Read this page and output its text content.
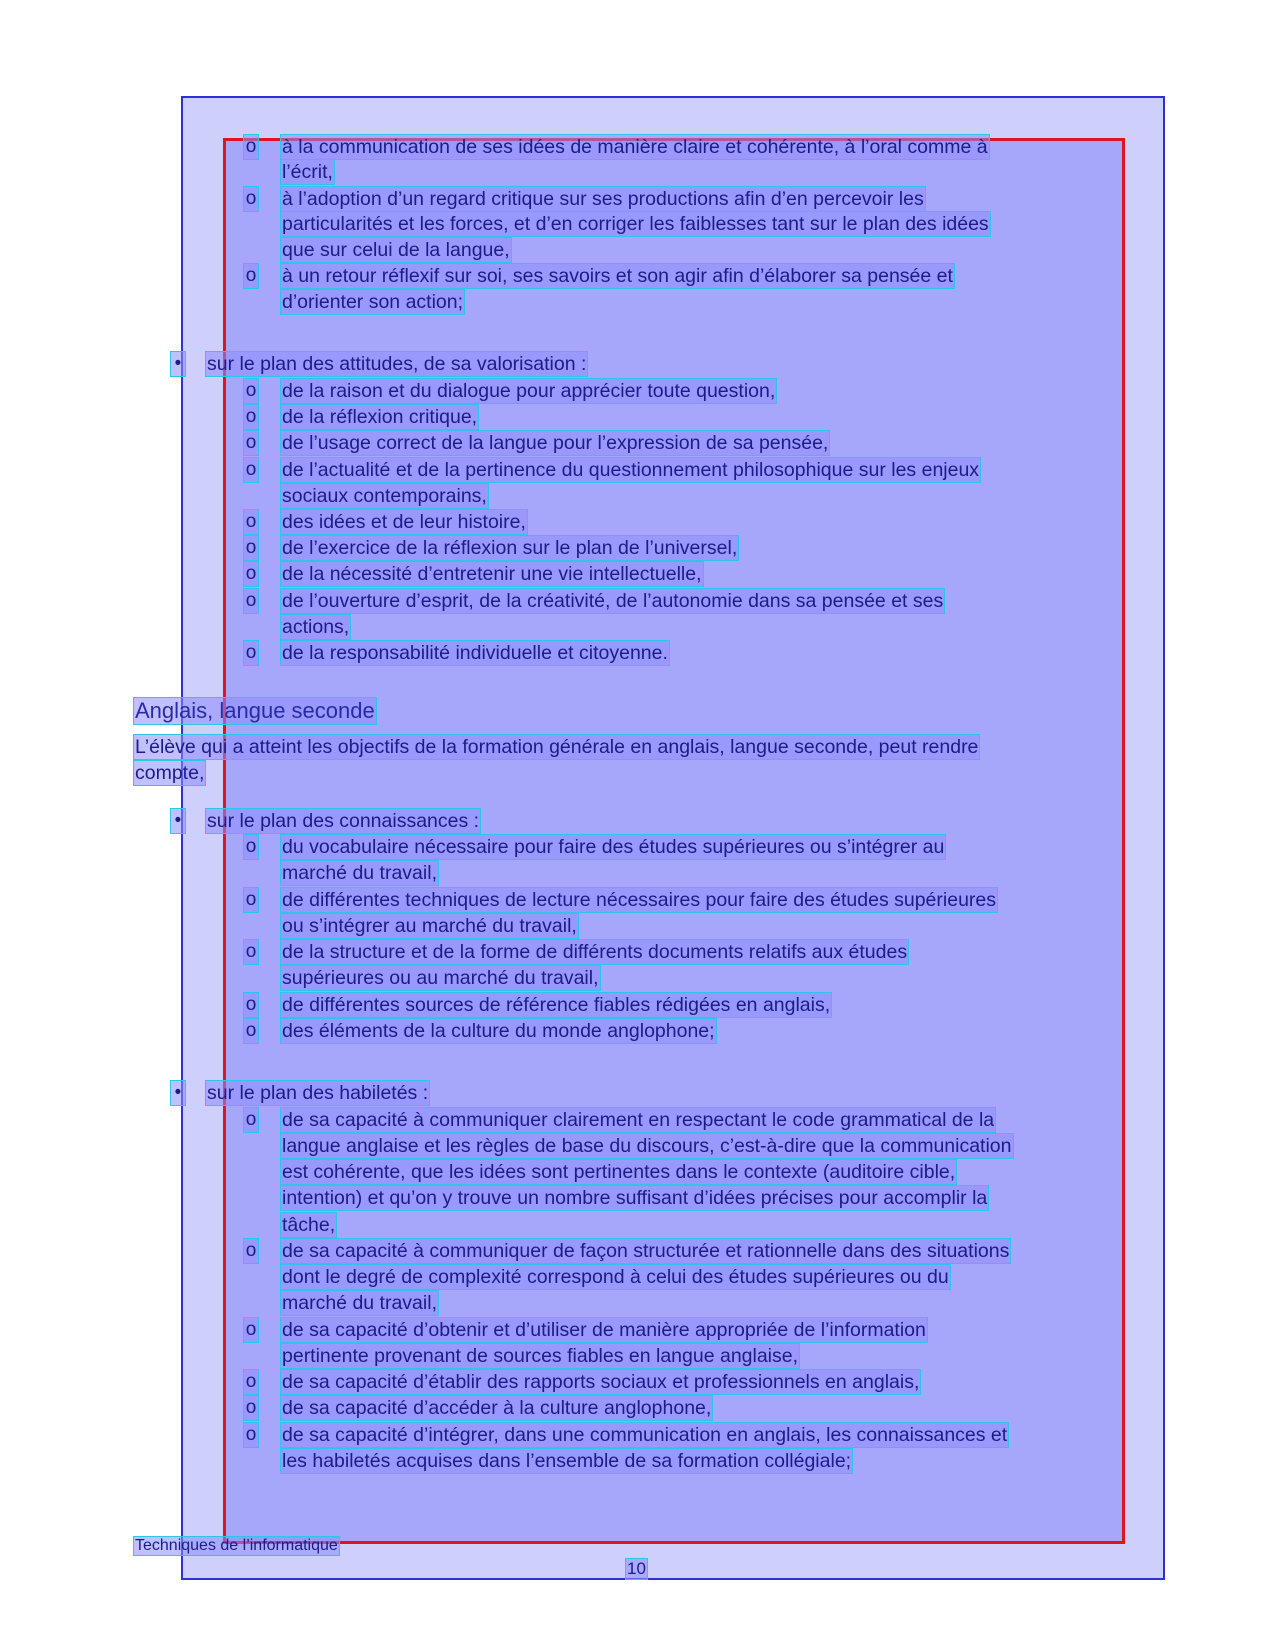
o à la communication de ses idées de manière claire et cohérente, à l’oral comme à
l’écrit,
o à l’adoption d’un regard critique sur ses productions afin d’en percevoir les
particularités et les forces, et d’en corriger les faiblesses tant sur le plan des idées
que sur celui de la langue,
o à un retour réflexif sur soi, ses savoirs et son agir afin d’élaborer sa pensée et
d’orienter son action;
• sur le plan des attitudes, de sa valorisation :
o de la raison et du dialogue pour apprécier toute question,
o de la réflexion critique,
o de l’usage correct de la langue pour l’expression de sa pensée,
o de l’actualité et de la pertinence du questionnement philosophique sur les enjeux
sociaux contemporains,
o des idées et de leur histoire,
o de l’exercice de la réflexion sur le plan de l’universel,
o de la nécessité d’entretenir une vie intellectuelle,
o de l’ouverture d’esprit, de la créativité, de l’autonomie dans sa pensée et ses
actions,
o de la responsabilité individuelle et citoyenne.
Anglais, langue seconde
L’élève qui a atteint les objectifs de la formation générale en anglais, langue seconde, peut rendre
compte,
• sur le plan des connaissances :
o du vocabulaire nécessaire pour faire des études supérieures ou s’intégrer au
marché du travail,
o de différentes techniques de lecture nécessaires pour faire des études supérieures
ou s’intégrer au marché du travail,
o de la structure et de la forme de différents documents relatifs aux études
supérieures ou au marché du travail,
o de différentes sources de référence fiables rédigées en anglais,
o des éléments de la culture du monde anglophone;
• sur le plan des habiletés :
o de sa capacité à communiquer clairement en respectant le code grammatical de la
langue anglaise et les règles de base du discours, c’est-à-dire que la communication
est cohérente, que les idées sont pertinentes dans le contexte (auditoire cible,
intention) et qu’on y trouve un nombre suffisant d’idées précises pour accomplir la
tâche,
o de sa capacité à communiquer de façon structurée et rationnelle dans des situations
dont le degré de complexité correspond à celui des études supérieures ou du
marché du travail,
o de sa capacité d’obtenir et d’utiliser de manière appropriée de l’information
pertinente provenant de sources fiables en langue anglaise,
o de sa capacité d’établir des rapports sociaux et professionnels en anglais,
o de sa capacité d’accéder à la culture anglophone,
o de sa capacité d’intégrer, dans une communication en anglais, les connaissances et
les habiletés acquises dans l’ensemble de sa formation collégiale;
Techniques de l’informatique
10
